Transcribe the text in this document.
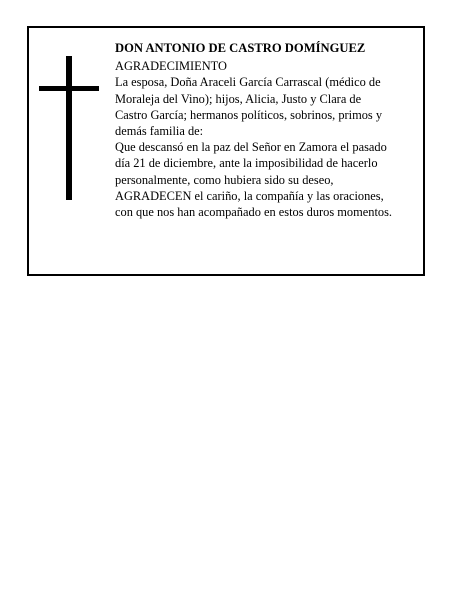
DON ANTONIO DE CASTRO DOMÍNGUEZ
AGRADECIMIENTO
La esposa, Doña Araceli García Carrascal (médico de
Moraleja del Vino); hijos, Alicia, Justo y Clara de
Castro García; hermanos políticos, sobrinos, primos y
demás familia de:
Que descansó en la paz del Señor en Zamora el pasado
día 21 de diciembre, ante la imposibilidad de hacerlo
personalmente, como hubiera sido su deseo,
AGRADECEN el cariño, la compañía y las oraciones,
con que nos han acompañado en estos duros momentos.
